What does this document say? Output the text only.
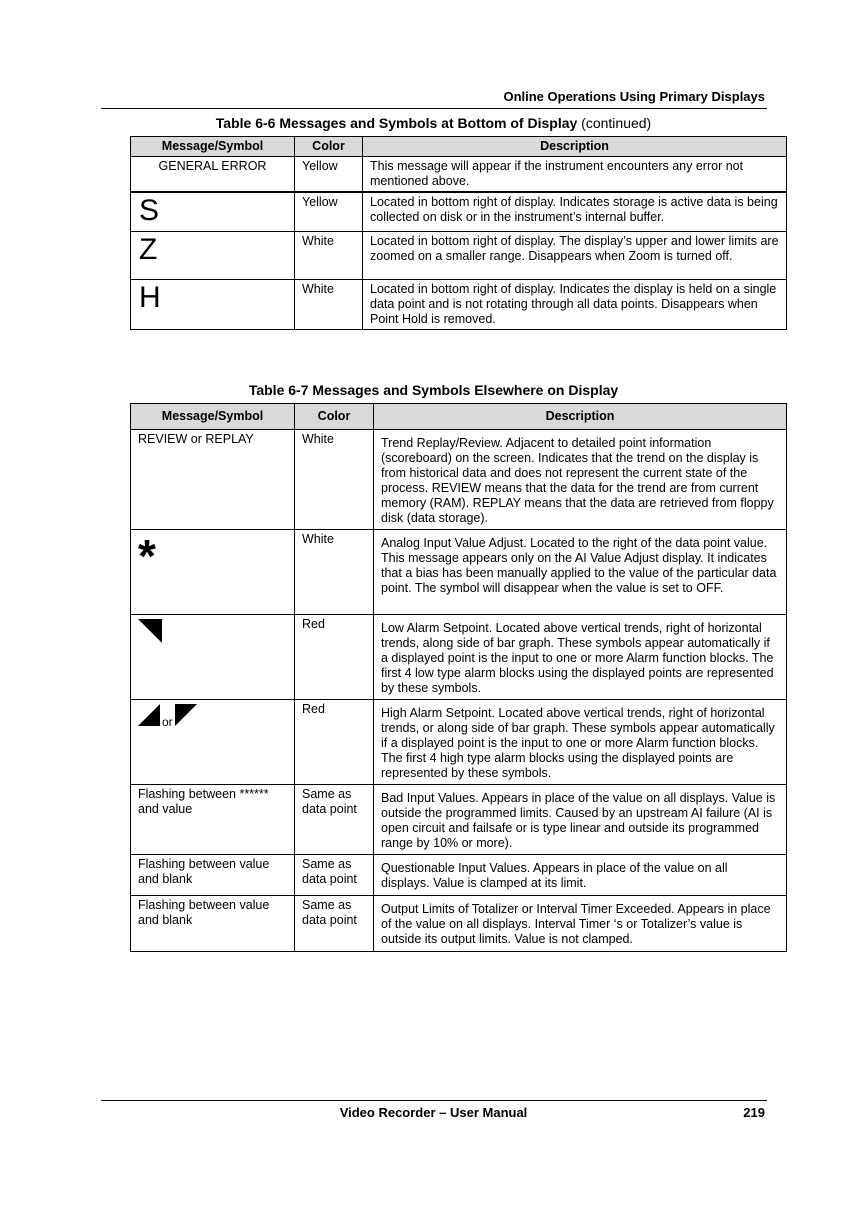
Online Operations Using Primary Displays
Table 6-6 Messages and Symbols at Bottom of Display (continued)
Message/Symbol	Color	Description
GENERAL ERROR	Yellow	This message will appear if the instrument encounters any error not mentioned above.
S	Yellow	Located in bottom right of display. Indicates storage is active data is being collected on disk or in the instrument’s internal buffer.
Z	White	Located in bottom right of display. The display’s upper and lower limits are zoomed on a smaller range. Disappears when Zoom is turned off.
H	White	Located in bottom right of display. Indicates the display is held on a single data point and is not rotating through all data points. Disappears when Point Hold is removed.
Table 6-7 Messages and Symbols Elsewhere on Display
Message/Symbol	Color	Description
REVIEW or REPLAY	White	Trend Replay/Review. Adjacent to detailed point information (scoreboard) on the screen. Indicates that the trend on the display is from historical data and does not represent the current state of the process. REVIEW means that the data for the trend are from current memory (RAM). REPLAY means that the data are retrieved from floppy disk (data storage).
*	White	Analog Input Value Adjust. Located to the right of the data point value. This message appears only on the AI Value Adjust display. It indicates that a bias has been manually applied to the value of the particular data point. The symbol will disappear when the value is set to OFF.
	Red	Low Alarm Setpoint. Located above vertical trends, right of horizontal trends, along side of bar graph. These symbols appear automatically if a displayed point is the input to one or more Alarm function blocks. The first 4 low type alarm blocks using the displayed points are represented by these symbols.
or	Red	High Alarm Setpoint. Located above vertical trends, right of horizontal trends, or along side of bar graph. These symbols appear automatically if a displayed point is the input to one or more Alarm function blocks. The first 4 high type alarm blocks using the displayed points are represented by these symbols.
Flashing between ****** and value	Same as data point	Bad Input Values. Appears in place of the value on all displays. Value is outside the programmed limits. Caused by an upstream AI failure (AI is open circuit and failsafe or is type linear and outside its programmed range by 10% or more).
Flashing between value and blank	Same as data point	Questionable Input Values. Appears in place of the value on all displays. Value is clamped at its limit.
Flashing between value and blank	Same as data point	Output Limits of Totalizer or Interval Timer Exceeded. Appears in place of the value on all displays. Interval Timer ‘s or Totalizer’s value is outside its output limits. Value is not clamped.
Video Recorder – User Manual	219
